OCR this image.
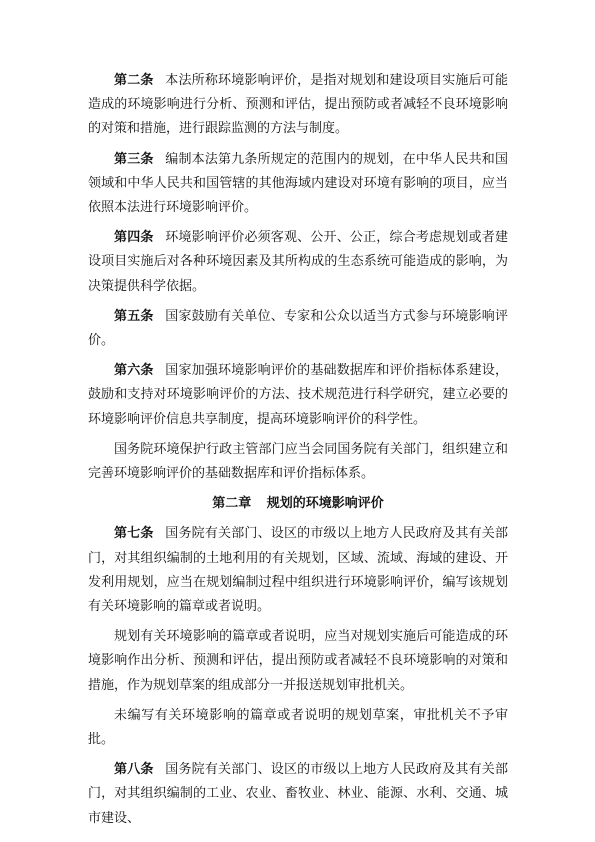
第二条 本法所称环境影响评价，是指对规划和建设项目实施后可能造成的环境影响进行分析、预测和评估，提出预防或者减轻不良环境影响的对策和措施，进行跟踪监测的方法与制度。

第三条 编制本法第九条所规定的范围内的规划，在中华人民共和国领域和中华人民共和国管辖的其他海域内建设对环境有影响的项目，应当依照本法进行环境影响评价。

第四条 环境影响评价必须客观、公开、公正，综合考虑规划或者建设项目实施后对各种环境因素及其所构成的生态系统可能造成的影响，为决策提供科学依据。

第五条 国家鼓励有关单位、专家和公众以适当方式参与环境影响评价。

第六条 国家加强环境影响评价的基础数据库和评价指标体系建设，鼓励和支持对环境影响评价的方法、技术规范进行科学研究，建立必要的环境影响评价信息共享制度，提高环境影响评价的科学性。

国务院环境保护行政主管部门应当会同国务院有关部门，组织建立和完善环境影响评价的基础数据库和评价指标体系。

第二章 规划的环境影响评价

第七条 国务院有关部门、设区的市级以上地方人民政府及其有关部门，对其组织编制的土地利用的有关规划，区域、流域、海域的建设、开发利用规划，应当在规划编制过程中组织进行环境影响评价，编写该规划有关环境影响的篇章或者说明。

规划有关环境影响的篇章或者说明，应当对规划实施后可能造成的环境影响作出分析、预测和评估，提出预防或者减轻不良环境影响的对策和措施，作为规划草案的组成部分一并报送规划审批机关。

未编写有关环境影响的篇章或者说明的规划草案，审批机关不予审批。

第八条 国务院有关部门、设区的市级以上地方人民政府及其有关部门，对其组织编制的工业、农业、畜牧业、林业、能源、水利、交通、城市建设、
